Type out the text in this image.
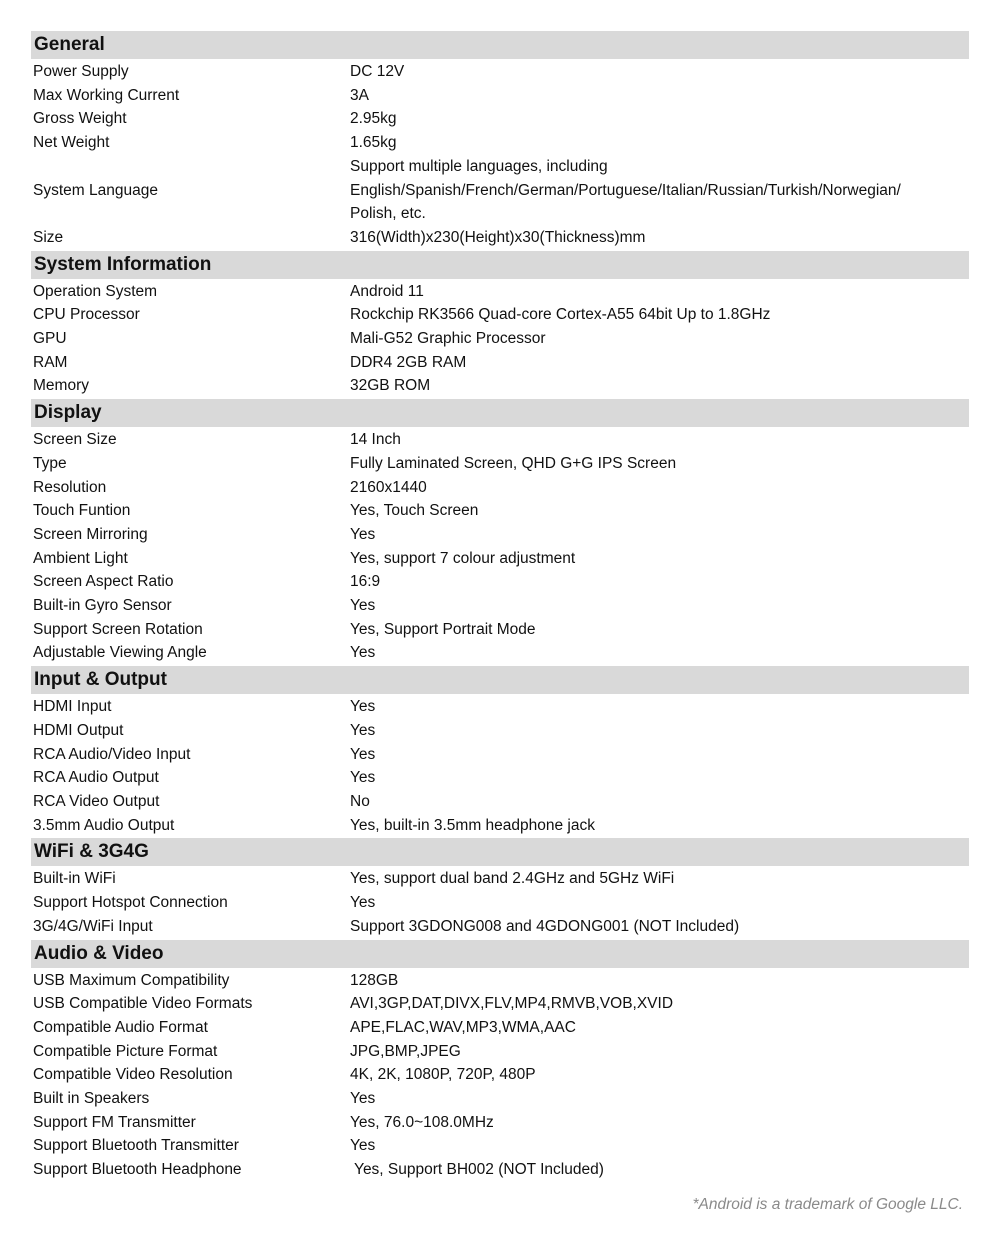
General
Power Supply	DC 12V
Max Working Current	3A
Gross Weight	2.95kg
Net Weight	1.65kg
System Language
Support multiple languages, including
English/Spanish/French/German/Portuguese/Italian/Russian/Turkish/Norwegian/
Polish, etc.
Size	316(Width)x230(Height)x30(Thickness)mm
System Information
Operation System	Android 11
CPU Processor	Rockchip RK3566 Quad-core Cortex-A55 64bit Up to 1.8GHz
GPU	Mali-G52 Graphic Processor
RAM	DDR4 2GB RAM
Memory	32GB ROM
Display
Screen Size	14 Inch
Type	Fully Laminated Screen, QHD G+G IPS Screen
Resolution	2160x1440
Touch Funtion	Yes, Touch Screen
Screen Mirroring	Yes
Ambient Light	Yes, support 7 colour adjustment
Screen Aspect Ratio	16:9
Built-in Gyro Sensor	Yes
Support Screen Rotation	Yes, Support Portrait Mode
Adjustable Viewing Angle	Yes
Input & Output
HDMI Input	Yes
HDMI Output	Yes
RCA Audio/Video Input	Yes
RCA Audio Output	Yes
RCA Video Output	No
3.5mm Audio Output	Yes, built-in 3.5mm headphone jack
WiFi & 3G4G
Built-in WiFi	Yes, support dual band 2.4GHz and 5GHz WiFi
Support Hotspot Connection	Yes
3G/4G/WiFi Input	Support 3GDONG008 and 4GDONG001 (NOT Included)
Audio & Video
USB Maximum Compatibility	128GB
USB Compatible Video Formats	AVI,3GP,DAT,DIVX,FLV,MP4,RMVB,VOB,XVID
Compatible Audio Format	APE,FLAC,WAV,MP3,WMA,AAC
Compatible Picture Format	JPG,BMP,JPEG
Compatible Video Resolution	4K, 2K, 1080P, 720P, 480P
Built in Speakers	Yes
Support FM Transmitter	Yes, 76.0~108.0MHz
Support Bluetooth Transmitter	Yes
Support Bluetooth Headphone	Yes, Support BH002 (NOT Included)
*Android is a trademark of Google LLC.
